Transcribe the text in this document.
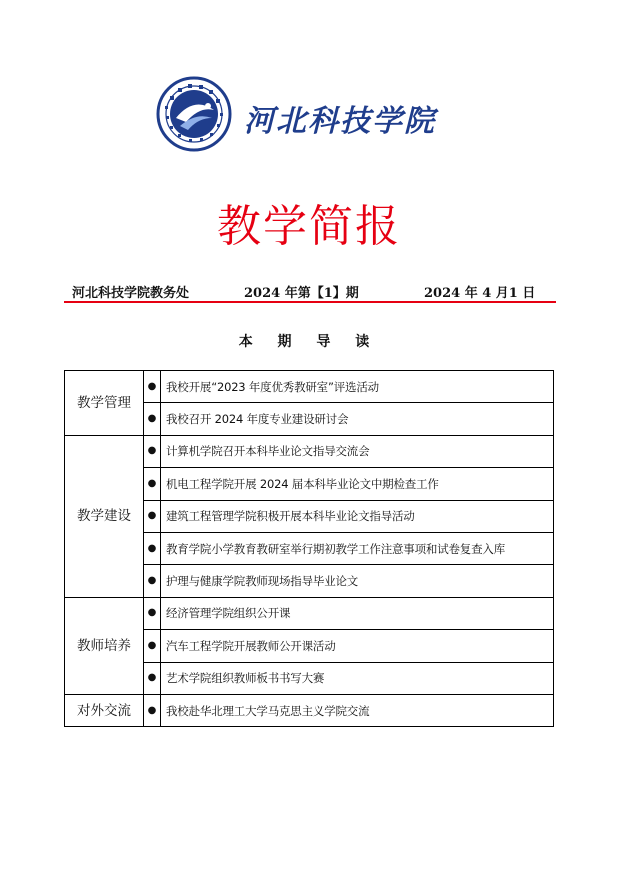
河北科技学院
教学简报
河北科技学院教务处	2024 年第【1】期	2024 年 4 月1 日
本 期 导 读
教学管理	●	我校开展“2023 年度优秀教研室”评选活动
	●	我校召开 2024 年度专业建设研讨会
教学建设	●	计算机学院召开本科毕业论文指导交流会
	●	机电工程学院开展 2024 届本科毕业论文中期检查工作
	●	建筑工程管理学院积极开展本科毕业论文指导活动
	●	教育学院小学教育教研室举行期初教学工作注意事项和试卷复查入库
	●	护理与健康学院教师现场指导毕业论文
教师培养	●	经济管理学院组织公开课
	●	汽车工程学院开展教师公开课活动
	●	艺术学院组织教师板书书写大赛
对外交流	●	我校赴华北理工大学马克思主义学院交流
